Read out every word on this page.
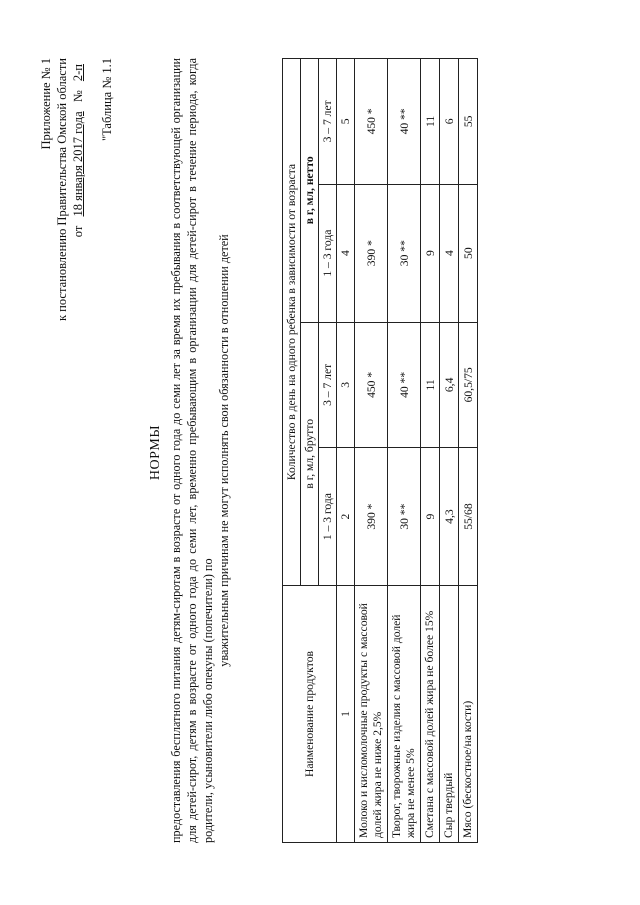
Приложение № 1 к постановлению Правительства Омской области от 18 января 2017 года № 2-п "Таблица № 1.1
НОРМЫ предоставления бесплатного питания детям-сиротам в возрасте от одного года до семи лет за время их пребывания в соответствующей организации для детей-сирот, детям в возрасте от одного года до семи лет, временно пребывающим в организации для детей-сирот в течение периода, когда родители, усыновители либо опекуны (попечители) по
уважительным причинам не могут исполнять свои обязанности в отношении детей
Наименование продуктов	Количество в день на одного ребенка в зависимости от возраста			
	в г, мл, брутто		в г, мл, нетто	
	1 – 3 года	3 – 7 лет	1 – 3 года	3 – 7 лет
1	2	3	4	5
Молоко и кисломолочные продукты с массовой долей жира не ниже 2,5%	390 *	450 *	390 *	450 *
Творог, творожные изделия с массовой долей жира не менее 5%	30 **	40 **	30 **	40 **
Сметана с массовой долей жира не более 15%	9	11	9	11
Сыр твердый	4,3	6,4	4	6
Мясо (бескостное/на кости)	55/68	60,5/75	50	55
